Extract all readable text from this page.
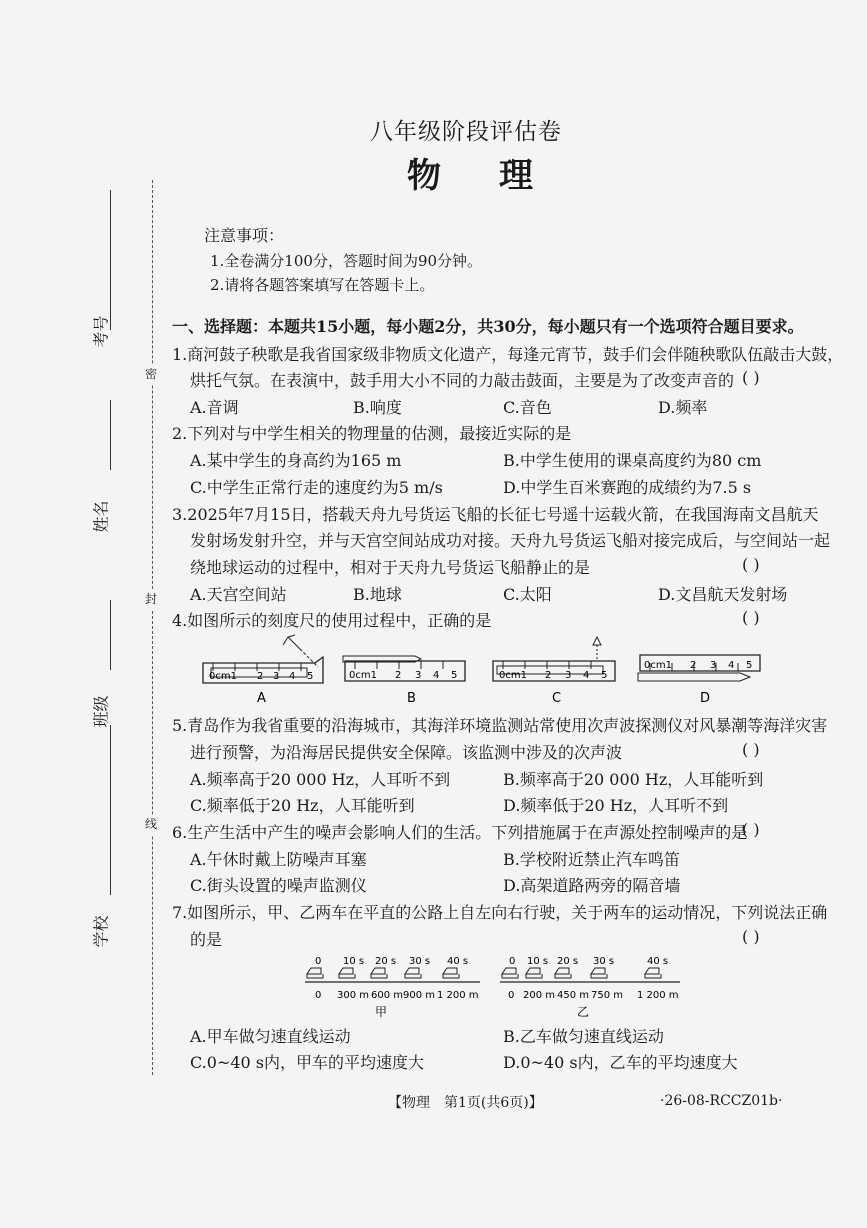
密
封
线
考号
姓名
班级
学校
八年级阶段评估卷
物理
注意事项：
1.全卷满分100分，答题时间为90分钟。
2.请将各题答案填写在答题卡上。
一、选择题：本题共15小题，每小题2分，共30分，每小题只有一个选项符合题目要求。
1.商河鼓子秧歌是我省国家级非物质文化遗产，每逢元宵节，鼓手们会伴随秧歌队伍敲击大鼓，
烘托气氛。在表演中，鼓手用大小不同的力敲击鼓面，主要是为了改变声音的 ( )
A.音调	B.响度	C.音色	D.频率
2.下列对与中学生相关的物理量的估测，最接近实际的是
A.某中学生的身高约为165 m	B.中学生使用的课桌高度约为80 cm
C.中学生正常行走的速度约为5 m/s	D.中学生百米赛跑的成绩约为7.5 s
3.2025年7月15日，搭载天舟九号货运飞船的长征七号遥十运载火箭，在我国海南文昌航天
发射场发射升空，并与天宫空间站成功对接。天舟九号货运飞船对接完成后，与空间站一起
绕地球运动的过程中，相对于天舟九号货运飞船静止的是	( )
A.天宫空间站	B.地球	C.太阳	D.文昌航天发射场
4.如图所示的刻度尺的使用过程中，正确的是	( )
0cm1 2 3 4 5
A
0cm1 2 3 4 5
B
0cm1 2 3 4 5
C
0cm1 2 3 4 5
D
5.青岛作为我省重要的沿海城市，其海洋环境监测站常使用次声波探测仪对风暴潮等海洋灾害
进行预警，为沿海居民提供安全保障。该监测中涉及的次声波	( )
A.频率高于20 000 Hz，人耳听不到	B.频率高于20 000 Hz，人耳能听到
C.频率低于20 Hz，人耳能听到	D.频率低于20 Hz，人耳听不到
6.生产生活中产生的噪声会影响人们的生活。下列措施属于在声源处控制噪声的是
( )
A.午休时戴上防噪声耳塞	B.学校附近禁止汽车鸣笛
C.街头设置的噪声监测仪	D.高架道路两旁的隔音墙
7.如图所示，甲、乙两车在平直的公路上自左向右行驶，关于两车的运动情况，下列说法正确
的是	( )
0 10 s 20 s 30 s 40 s
0 300 m 600 m 900 m 1 200 m
甲
0 10 s 20 s 30 s	40 s
0 200 m 450 m 750 m 1 200 m
乙
A.甲车做匀速直线运动	B.乙车做匀速直线运动
C.0~40 s内，甲车的平均速度大	D.0~40 s内，乙车的平均速度大
【物理　第1页(共6页)】	·26-08-RCCZ01b·
